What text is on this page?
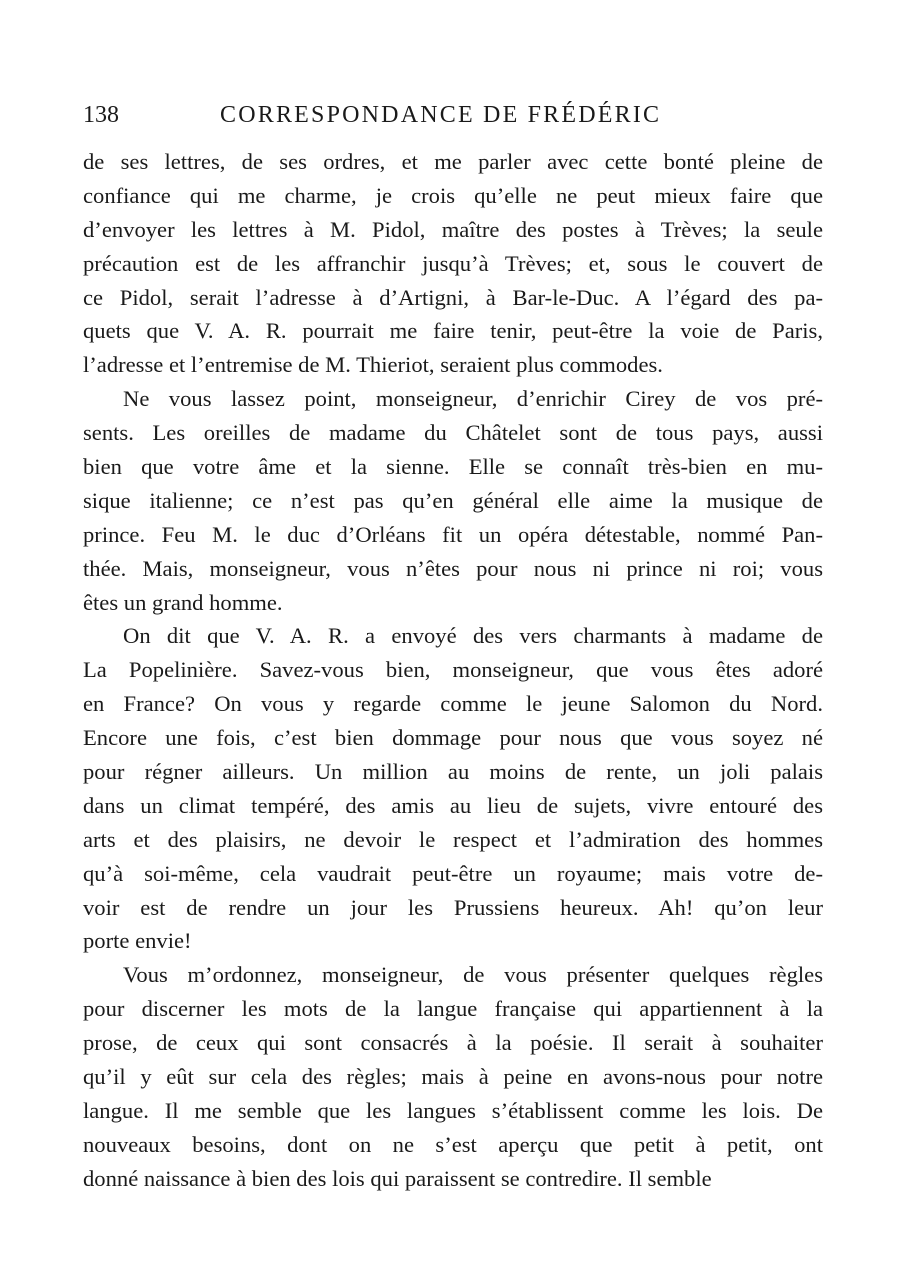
138	CORRESPONDANCE DE FRÉDÉRIC
de ses lettres, de ses ordres, et me parler avec cette bonté pleine de
confiance qui me charme, je crois qu’elle ne peut mieux faire que
d’envoyer les lettres à M. Pidol, maître des postes à Trèves; la seule
précaution est de les affranchir jusqu’à Trèves; et, sous le couvert de
ce Pidol, serait l’adresse à d’Artigni, à Bar-le-Duc. A l’égard des pa-
quets que V. A. R. pourrait me faire tenir, peut-être la voie de Paris,
l’adresse et l’entremise de M. Thieriot, seraient plus commodes.
Ne vous lassez point, monseigneur, d’enrichir Cirey de vos pré-
sents. Les oreilles de madame du Châtelet sont de tous pays, aussi
bien que votre âme et la sienne. Elle se connaît très-bien en mu-
sique italienne; ce n’est pas qu’en général elle aime la musique de
prince. Feu M. le duc d’Orléans fit un opéra détestable, nommé Pan-
thée. Mais, monseigneur, vous n’êtes pour nous ni prince ni roi; vous
êtes un grand homme.
On dit que V. A. R. a envoyé des vers charmants à madame de
La Popelinière. Savez-vous bien, monseigneur, que vous êtes adoré
en France? On vous y regarde comme le jeune Salomon du Nord.
Encore une fois, c’est bien dommage pour nous que vous soyez né
pour régner ailleurs. Un million au moins de rente, un joli palais
dans un climat tempéré, des amis au lieu de sujets, vivre entouré des
arts et des plaisirs, ne devoir le respect et l’admiration des hommes
qu’à soi-même, cela vaudrait peut-être un royaume; mais votre de-
voir est de rendre un jour les Prussiens heureux. Ah! qu’on leur
porte envie!
Vous m’ordonnez, monseigneur, de vous présenter quelques règles
pour discerner les mots de la langue française qui appartiennent à la
prose, de ceux qui sont consacrés à la poésie. Il serait à souhaiter
qu’il y eût sur cela des règles; mais à peine en avons-nous pour notre
langue. Il me semble que les langues s’établissent comme les lois. De
nouveaux besoins, dont on ne s’est aperçu que petit à petit, ont
donné naissance à bien des lois qui paraissent se contredire. Il semble
